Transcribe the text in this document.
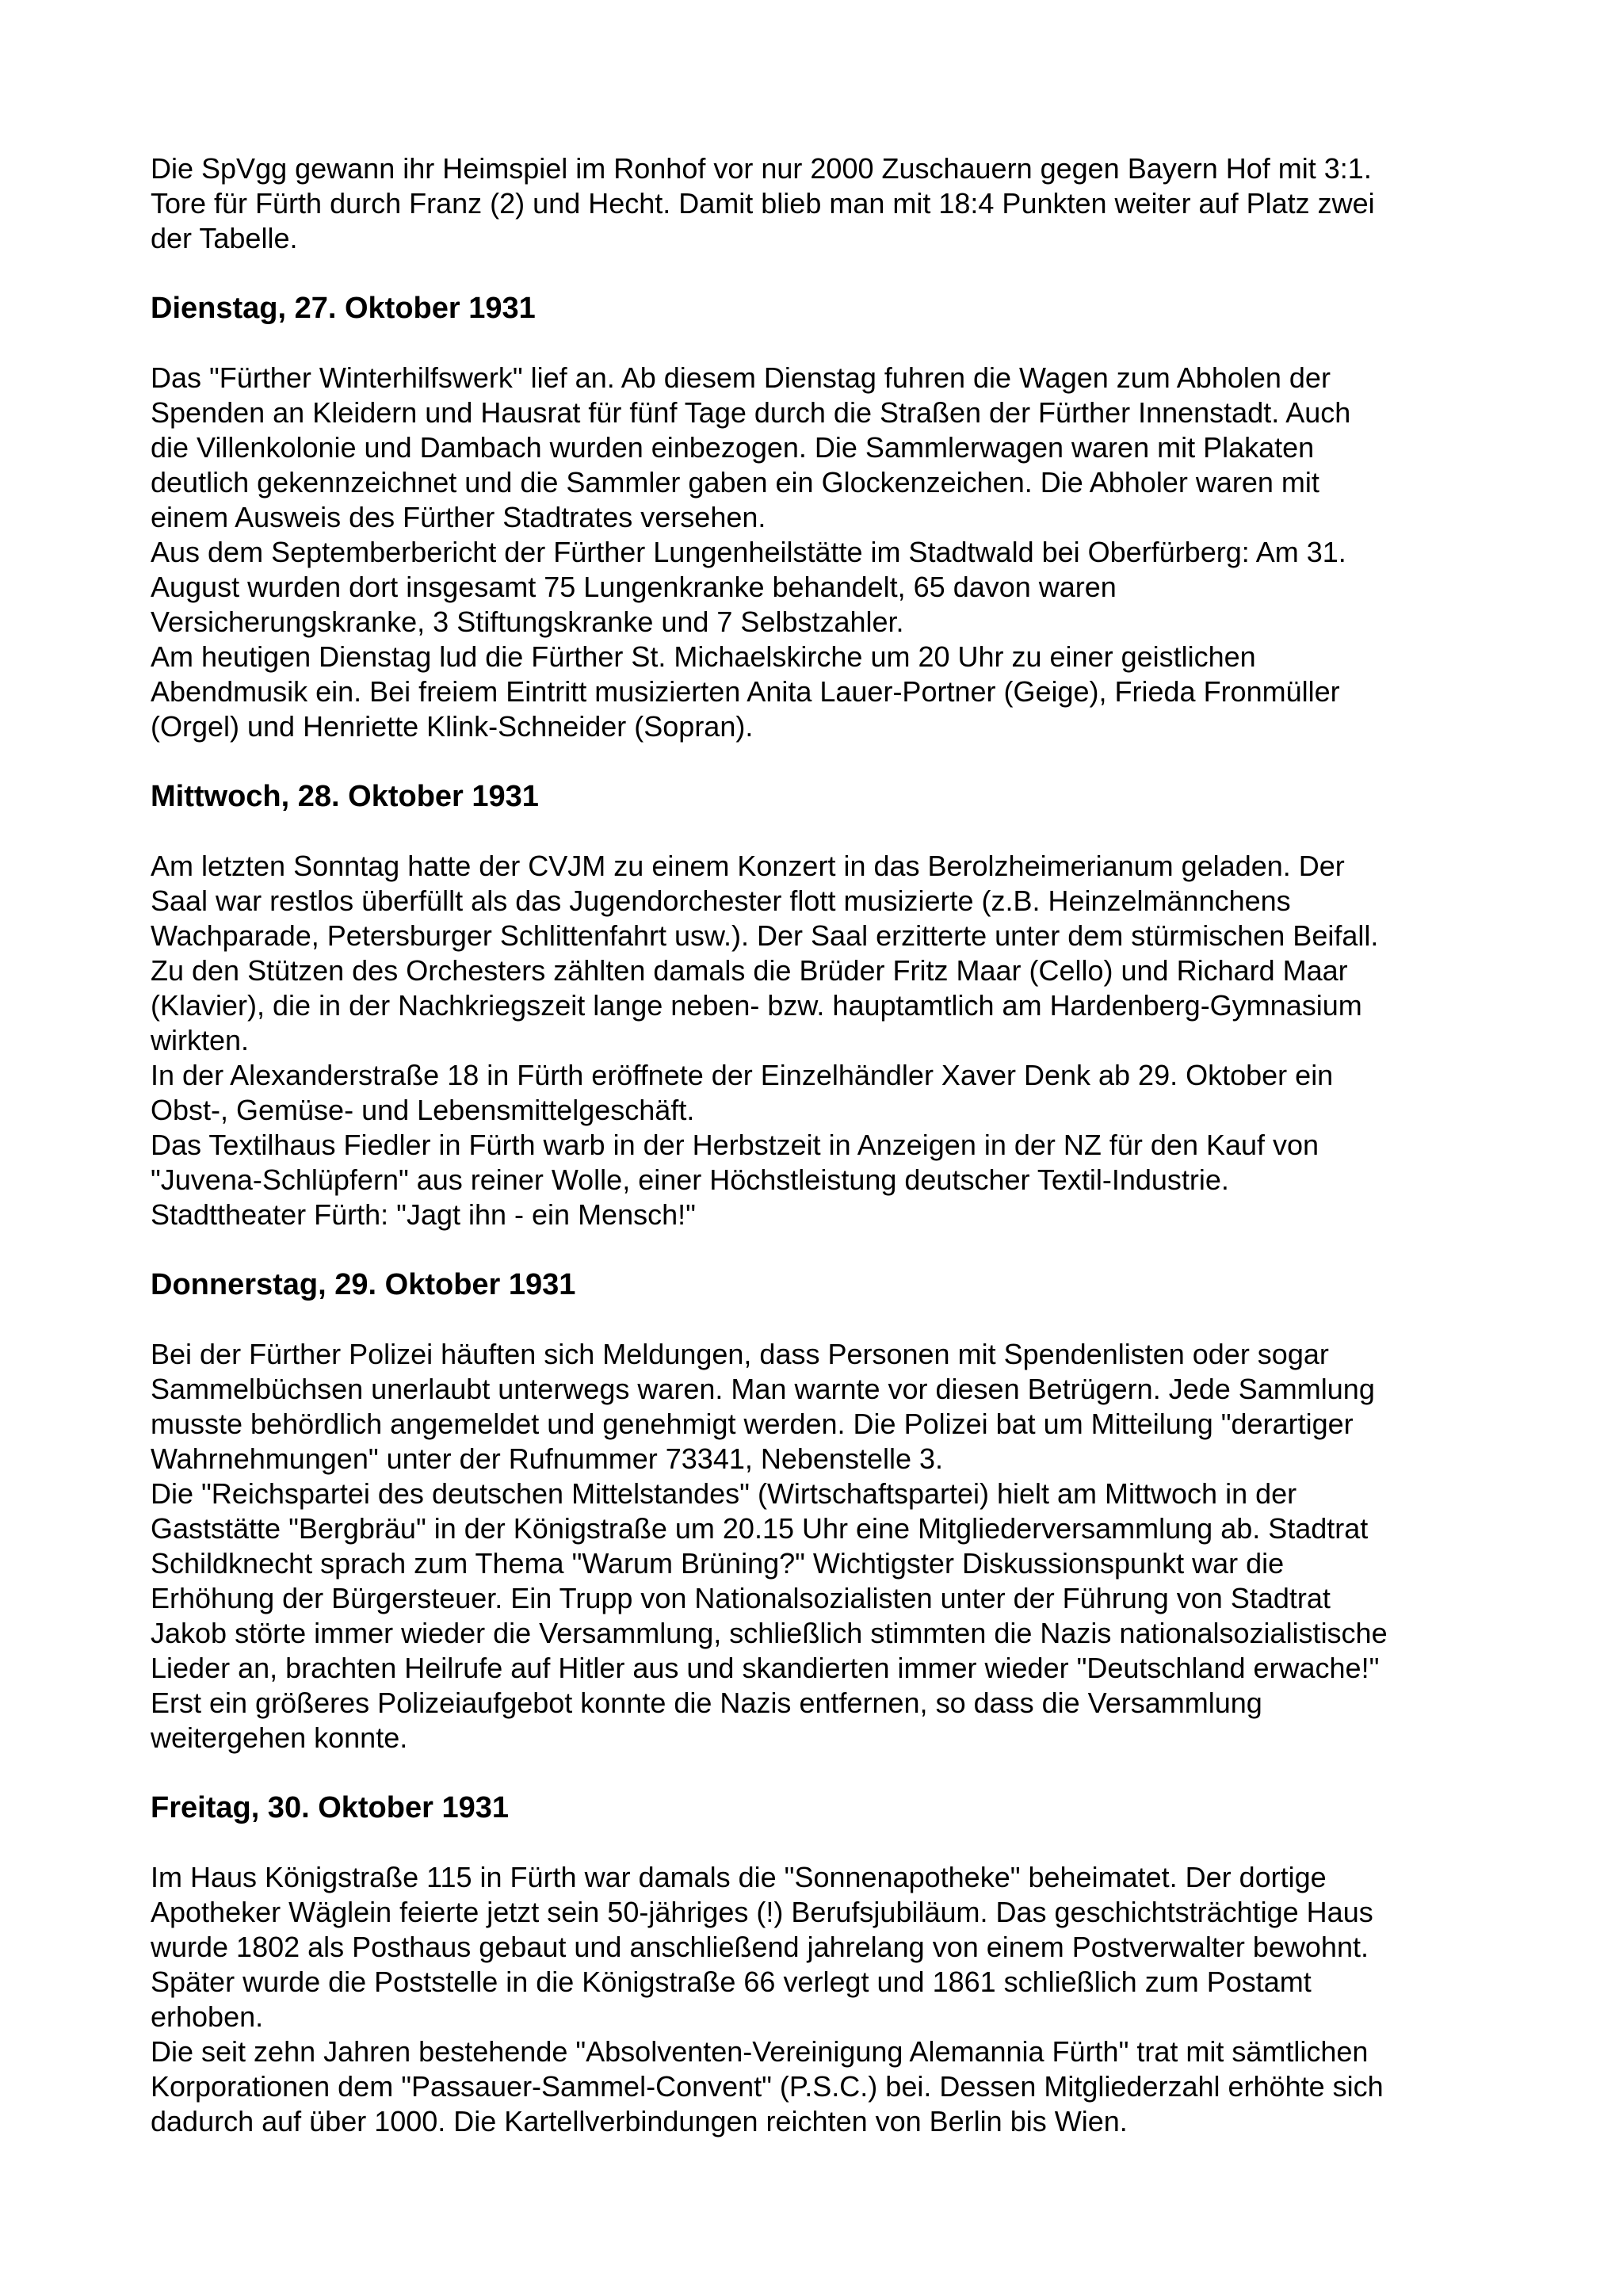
Die SpVgg gewann ihr Heimspiel im Ronhof vor nur 2000 Zuschauern gegen Bayern Hof mit 3:1.
Tore für Fürth durch Franz (2) und Hecht. Damit blieb man mit 18:4 Punkten weiter auf Platz zwei
der Tabelle.
Dienstag, 27. Oktober 1931
Das "Fürther Winterhilfswerk" lief an. Ab diesem Dienstag fuhren die Wagen zum Abholen der
Spenden an Kleidern und Hausrat für fünf Tage durch die Straßen der Fürther Innenstadt. Auch
die Villenkolonie und Dambach wurden einbezogen. Die Sammlerwagen waren mit Plakaten
deutlich gekennzeichnet und die Sammler gaben ein Glockenzeichen. Die Abholer waren mit
einem Ausweis des Fürther Stadtrates versehen.
Aus dem Septemberbericht der Fürther Lungenheilstätte im Stadtwald bei Oberfürberg: Am 31.
August wurden dort insgesamt 75 Lungenkranke behandelt, 65 davon waren
Versicherungskranke, 3 Stiftungskranke und 7 Selbstzahler.
Am heutigen Dienstag lud die Fürther St. Michaelskirche um 20 Uhr zu einer geistlichen
Abendmusik ein. Bei freiem Eintritt musizierten Anita Lauer-Portner (Geige), Frieda Fronmüller
(Orgel) und Henriette Klink-Schneider (Sopran).
Mittwoch, 28. Oktober 1931
Am letzten Sonntag hatte der CVJM zu einem Konzert in das Berolzheimerianum geladen. Der
Saal war restlos überfüllt als das Jugendorchester flott musizierte (z.B. Heinzelmännchens
Wachparade, Petersburger Schlittenfahrt usw.). Der Saal erzitterte unter dem stürmischen Beifall.
Zu den Stützen des Orchesters zählten damals die Brüder Fritz Maar (Cello) und Richard Maar
(Klavier), die in der Nachkriegszeit lange neben- bzw. hauptamtlich am Hardenberg-Gymnasium
wirkten.
In der Alexanderstraße 18 in Fürth eröffnete der Einzelhändler Xaver Denk ab 29. Oktober ein
Obst-, Gemüse- und Lebensmittelgeschäft.
Das Textilhaus Fiedler in Fürth warb in der Herbstzeit in Anzeigen in der NZ für den Kauf von
"Juvena-Schlüpfern" aus reiner Wolle, einer Höchstleistung deutscher Textil-Industrie.
Stadttheater Fürth: "Jagt ihn - ein Mensch!"
Donnerstag, 29. Oktober 1931
Bei der Fürther Polizei häuften sich Meldungen, dass Personen mit Spendenlisten oder sogar
Sammelbüchsen unerlaubt unterwegs waren. Man warnte vor diesen Betrügern. Jede Sammlung
musste behördlich angemeldet und genehmigt werden. Die Polizei bat um Mitteilung "derartiger
Wahrnehmungen" unter der Rufnummer 73341, Nebenstelle 3.
Die "Reichspartei des deutschen Mittelstandes" (Wirtschaftspartei) hielt am Mittwoch in der
Gaststätte "Bergbräu" in der Königstraße um 20.15 Uhr eine Mitgliederversammlung ab. Stadtrat
Schildknecht sprach zum Thema "Warum Brüning?" Wichtigster Diskussionspunkt war die
Erhöhung der Bürgersteuer. Ein Trupp von Nationalsozialisten unter der Führung von Stadtrat
Jakob störte immer wieder die Versammlung, schließlich stimmten die Nazis nationalsozialistische
Lieder an, brachten Heilrufe auf Hitler aus und skandierten immer wieder "Deutschland erwache!"
Erst ein größeres Polizeiaufgebot konnte die Nazis entfernen, so dass die Versammlung
weitergehen konnte.
Freitag, 30. Oktober 1931
Im Haus Königstraße 115 in Fürth war damals die "Sonnenapotheke" beheimatet. Der dortige
Apotheker Wäglein feierte jetzt sein 50-jähriges (!) Berufsjubiläum. Das geschichtsträchtige Haus
wurde 1802 als Posthaus gebaut und anschließend jahrelang von einem Postverwalter bewohnt.
Später wurde die Poststelle in die Königstraße 66 verlegt und 1861 schließlich zum Postamt
erhoben.
Die seit zehn Jahren bestehende "Absolventen-Vereinigung Alemannia Fürth" trat mit sämtlichen
Korporationen dem "Passauer-Sammel-Convent" (P.S.C.) bei. Dessen Mitgliederzahl erhöhte sich
dadurch auf über 1000. Die Kartellverbindungen reichten von Berlin bis Wien.
